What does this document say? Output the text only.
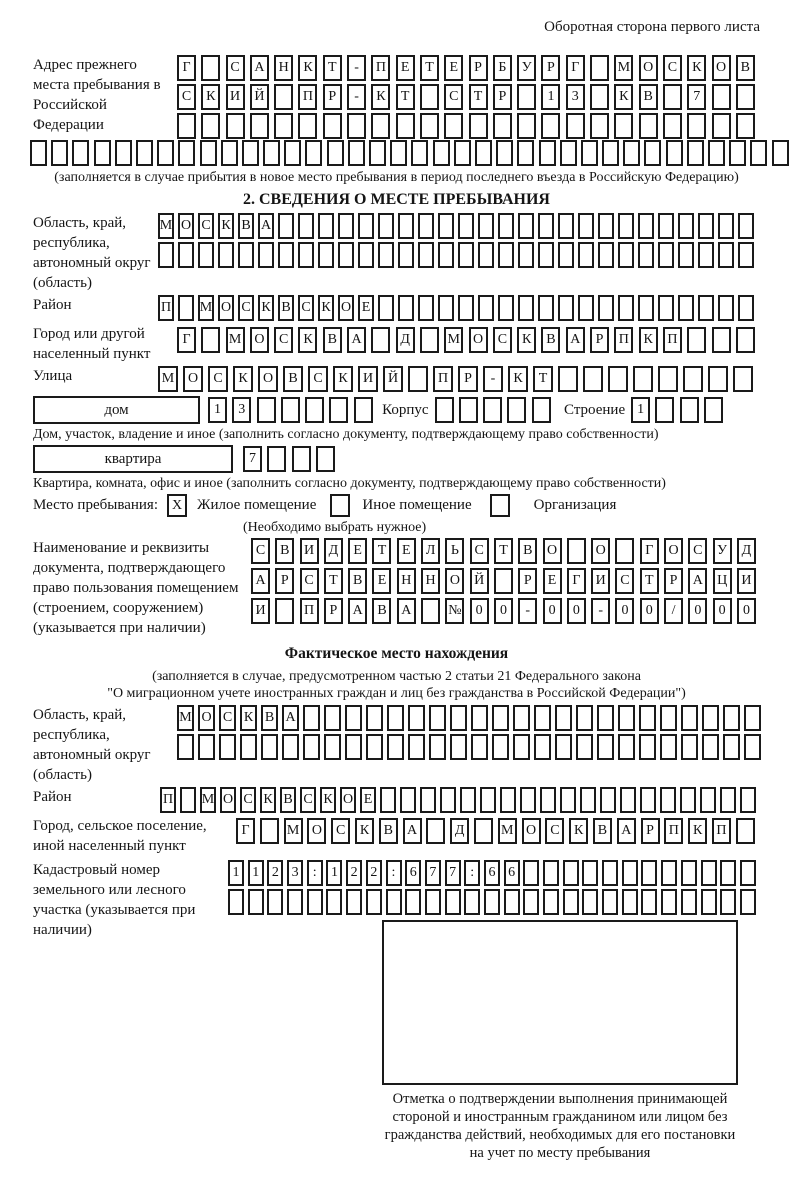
Оборотная сторона первого листа
Адрес прежнего места пребывания в Российской Федерации
Г	С	А	Н	К	Т	-	П	Е	Т	Е	Р	Б	У	Р	Г	М О	С	К	О	В
С	К	И	Й	П	Р	-	К	Т	С	Т	Р	1	3	К	В	7
(заполняется в случае прибытия в новое место пребывания в период последнего въезда в Российскую Федерацию)
2. СВЕДЕНИЯ О МЕСТЕ ПРЕБЫВАНИЯ
Область, край, республика, автономный округ (область)
М О С К В А
Район	П М О С К В С К О Е
Город или другой населенный пункт
Г	М О	С	К	В	А	Д	М О	С	К	В	А	Р	П	К	П
Улица	М О	С	К	О	В	С	К	И	Й	П	Р	-	К	Т
дом	1	3	Корпус	Строение 1
Дом, участок, владение и иное (заполнить согласно документу, подтверждающему право собственности)
квартира	7
Квартира, комната, офис и иное (заполнить согласно документу, подтверждающему право собственности)
Место пребывания: X Жилое помещение	Иное помещение	Организация
(Необходимо выбрать нужное)
Наименование и реквизиты документа, подтверждающего право пользования помещением (строением, сооружением) (указывается при наличии)
С	В	И	Д	Е	Т	Е	Л	Ь	С	Т	В	О	О	Г	О	С	У	Д
А	Р	С	Т	В	Е	Н	Н	О	Й	Р	Е	Г	И	С	Т	Р	А	Ц	И
И	П	Р	А	В	А	№	0	0	-	0	0	-	0	0	/	0	0	0
Фактическое место нахождения
(заполняется в случае, предусмотренном частью 2 статьи 21 Федерального закона
"О миграционном учете иностранных граждан и лиц без гражданства в Российской Федерации")
Область, край, республика, автономный округ (область)
М О С К В А
Район	П М О С К В С К О Е
Город, сельское поселение, иной населенный пункт
Г	М О	С	К	В	А	Д	М О	С	К	В	А	Р	П	К	П
Кадастровый номер земельного или лесного участка (указывается при наличии)
1 1 2 3	:	1 2 2	:	6 7 7	:	6 6
Отметка о подтверждении выполнения принимающей
стороной и иностранным гражданином или лицом без
гражданства действий, необходимых для его постановки
на учет по месту пребывания
